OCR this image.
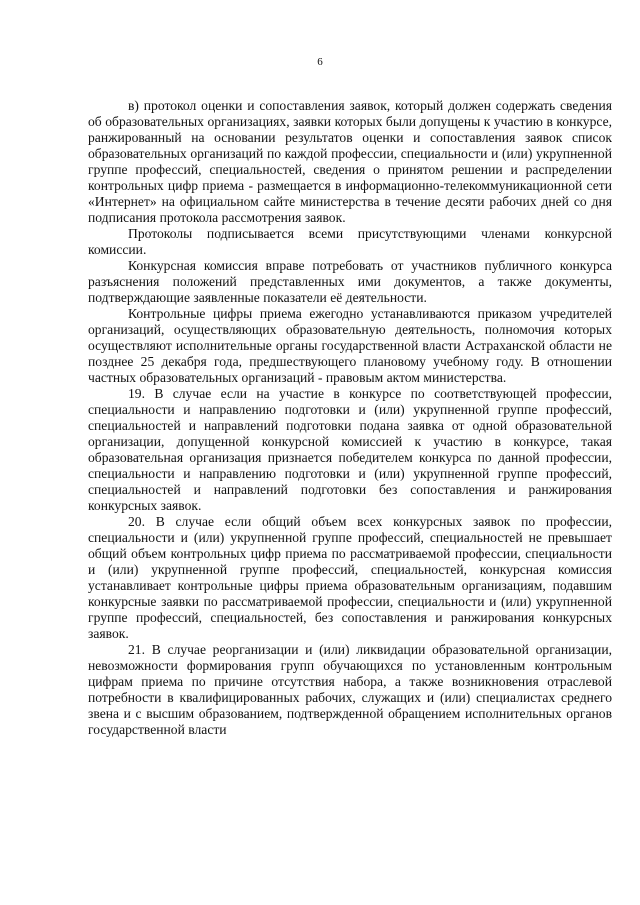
6

в) протокол оценки и сопоставления заявок, который должен содержать сведения об образовательных организациях, заявки которых были допущены к участию в конкурсе, ранжированный на основании результатов оценки и сопоставления заявок список образовательных организаций по каждой профессии, специальности и (или) укрупненной группе профессий, специальностей, сведения о принятом решении и распределении контрольных цифр приема - размещается в информационно-телекоммуникационной сети «Интернет» на официальном сайте министерства в течение десяти рабочих дней со дня подписания протокола рассмотрения заявок.

Протоколы подписывается всеми присутствующими членами конкурсной комиссии.

Конкурсная комиссия вправе потребовать от участников публичного конкурса разъяснения положений представленных ими документов, а также документы, подтверждающие заявленные показатели её деятельности.

Контрольные цифры приема ежегодно устанавливаются приказом учредителей организаций, осуществляющих образовательную деятельность, полномочия которых осуществляют исполнительные органы государственной власти Астраханской области не позднее 25 декабря года, предшествующего плановому учебному году. В отношении частных образовательных организаций - правовым актом министерства.

19. В случае если на участие в конкурсе по соответствующей профессии, специальности и направлению подготовки и (или) укрупненной группе профессий, специальностей и направлений подготовки подана заявка от одной образовательной организации, допущенной конкурсной комиссией к участию в конкурсе, такая образовательная организация признается победителем конкурса по данной профессии, специальности и направлению подготовки и (или) укрупненной группе профессий, специальностей и направлений подготовки без сопоставления и ранжирования конкурсных заявок.

20. В случае если общий объем всех конкурсных заявок по профессии, специальности и (или) укрупненной группе профессий, специальностей не превышает общий объем контрольных цифр приема по рассматриваемой профессии, специальности и (или) укрупненной группе профессий, специальностей, конкурсная комиссия устанавливает контрольные цифры приема образовательным организациям, подавшим конкурсные заявки по рассматриваемой профессии, специальности и (или) укрупненной группе профессий, специальностей, без сопоставления и ранжирования конкурсных заявок.

21. В случае реорганизации и (или) ликвидации образовательной организации, невозможности формирования групп обучающихся по установленным контрольным цифрам приема по причине отсутствия набора, а также возникновения отраслевой потребности в квалифицированных рабочих, служащих и (или) специалистах среднего звена и с высшим образованием, подтвержденной обращением исполнительных органов государственной власти
